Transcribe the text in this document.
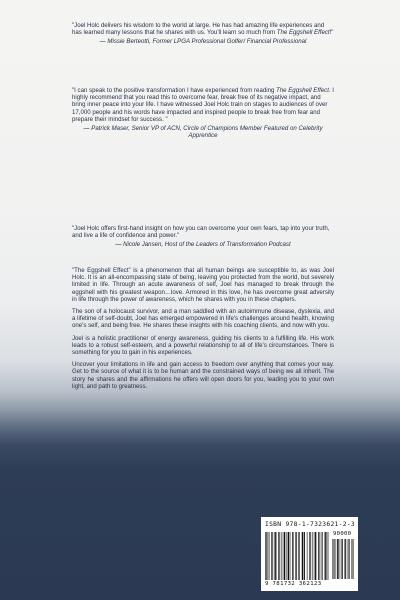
"Joel Holc delivers his wisdom to the world at large. He has had amazing life experiences and has learned many lessons that he shares with us. You'll learn so much from The Eggshell Effect!"

— Missie Berteotti, Former LPGA Professional Golfer/ Financial Professional

"I can speak to the positive transformation I have experienced from reading The Eggshell Effect. I highly recommend that you read this to overcome fear, break free of its negative impact, and bring inner peace into your life. I have witnessed Joel Holc train on stages to audiences of over 17,000 people and his words have impacted and inspired people to break free from fear and prepare their mindset for success. "

— Patrick Maser, Senior VP of ACN, Circle of Champions Member Featured on Celebrity Apprentice

"Joel Holc offers first-hand insight on how you can overcome your own fears, tap into your truth, and live a life of confidence and power."

— Nicole Jansen, Host of the Leaders of Transformation Podcast

"The Eggshell Effect" is a phenomenon that all human beings are susceptible to, as was Joel Holc. It is an all-encompassing state of being, leaving you protected from the world, but severely limited in life. Through an acute awareness of self, Joel has managed to break through the eggshell with his greatest weapon…love. Armored in this love, he has overcome great adversity in life through the power of awareness, which he shares with you in these chapters.

The son of a holocaust survivor, and a man saddled with an autoimmune disease, dyslexia, and a lifetime of self-doubt, Joel has emerged empowered in life's challenges around health, knowing one's self, and being free. He shares these insights with his coaching clients, and now with you.

Joel is a holistic practitioner of energy awareness, guiding his clients to a fulfilling life. His work leads to a robust self-esteem, and a powerful relationship to all of life's circumstances. There is something for you to gain in his experiences.

Uncover your limitations in life and gain access to freedom over anything that comes your way. Get to the source of what it is to be human and the constrained ways of being we all inherit. The story he shares and the affirmations he offers will open doors for you, leading you to your own light, and path to greatness.

ISBN 978-1-7323621-2-3
90000
9 781732 362123
